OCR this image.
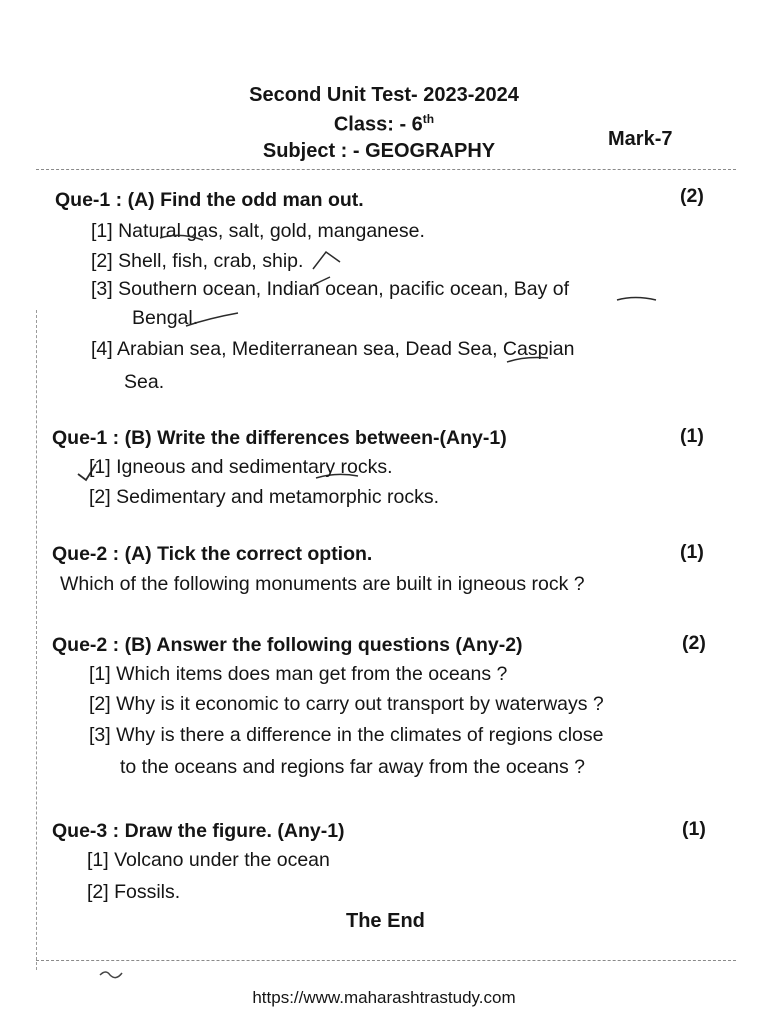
Second Unit Test- 2023-2024
Class: - 6th
Subject : - GEOGRAPHY
Mark-7
Que-1 : (A) Find the odd man out.	(2)
[1] Natural gas, salt, gold, manganese.
[2] Shell, fish, crab, ship.
[3] Southern ocean, Indian ocean, pacific ocean, Bay of
Bengal.
[4] Arabian sea, Mediterranean sea, Dead Sea, Caspian
Sea.
Que-1 : (B) Write the differences between-(Any-1)	(1)
[1] Igneous and sedimentary rocks.
[2] Sedimentary and metamorphic rocks.
Que-2 : (A) Tick the correct option.	(1)
Which of the following monuments are built in igneous rock ?
Que-2 : (B) Answer the following questions (Any-2)	(2)
[1] Which items does man get from the oceans ?
[2] Why is it economic to carry out transport by waterways ?
[3] Why is there a difference in the climates of regions close
to the oceans and regions far away from the oceans ?
Que-3 : Draw the figure. (Any-1)	(1)
[1] Volcano under the ocean
[2] Fossils.
The End
https://www.maharashtrastudy.com
